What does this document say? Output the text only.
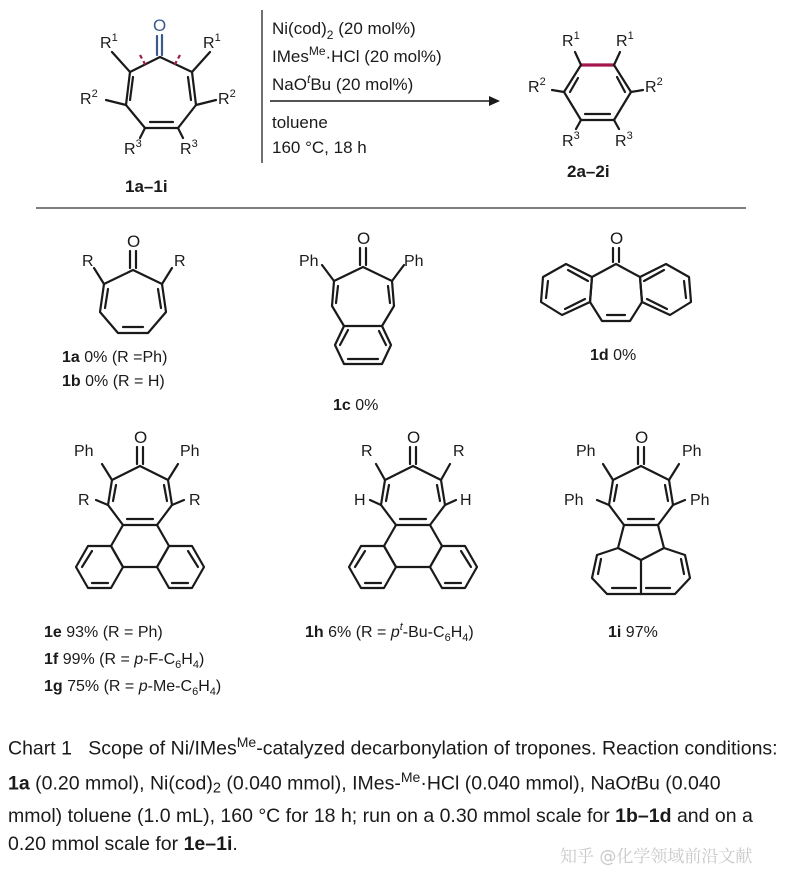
O
$R^1$	$R^1$
$R^2$	$R^2$
$R^3$ $R^3$
1a–1i
$Ni(cod)_2$ (20 mol%)
IMes$^{Me}$·HCl (20 mol%)
NaO$^t$Bu (20 mol%)
toluene
160 °C, 18 h
$R^1$ $R^1$
$R^2$	$R^2$
$R^3$ $R^3$
2a–2i
O
R	R
1a 0% (R =Ph)
1b 0% (R = H)
O
Ph	Ph
1c 0%
O
1d 0%
O
Ph	Ph
R	R
1e 93% (R = Ph)
1f 99% $(R = p-F-C_6H_4)$
1g 75% $(R = p-Me-C_6H_4)$
O
R	R
H	H
1h 6% $(R = p^t-Bu-C_6H_4)$
O
Ph	Ph
Ph	Ph
1i 97%
Chart 1 Scope of Ni/IMes$^{Me}$-catalyzed decarbonylation of tropones. Reaction conditions: 1a (0.20 mmol), Ni(cod)2 (0.040 mmol), IMes-$^{Me}$·HCl (0.040 mmol), NaOtBu (0.040 mmol) toluene (1.0 mL), 160 °C for 18 h; run on a 0.30 mmol scale for 1b–1d and on a 0.20 mmol scale for 1e–1i.
知乎 @化学领域前沿文献
